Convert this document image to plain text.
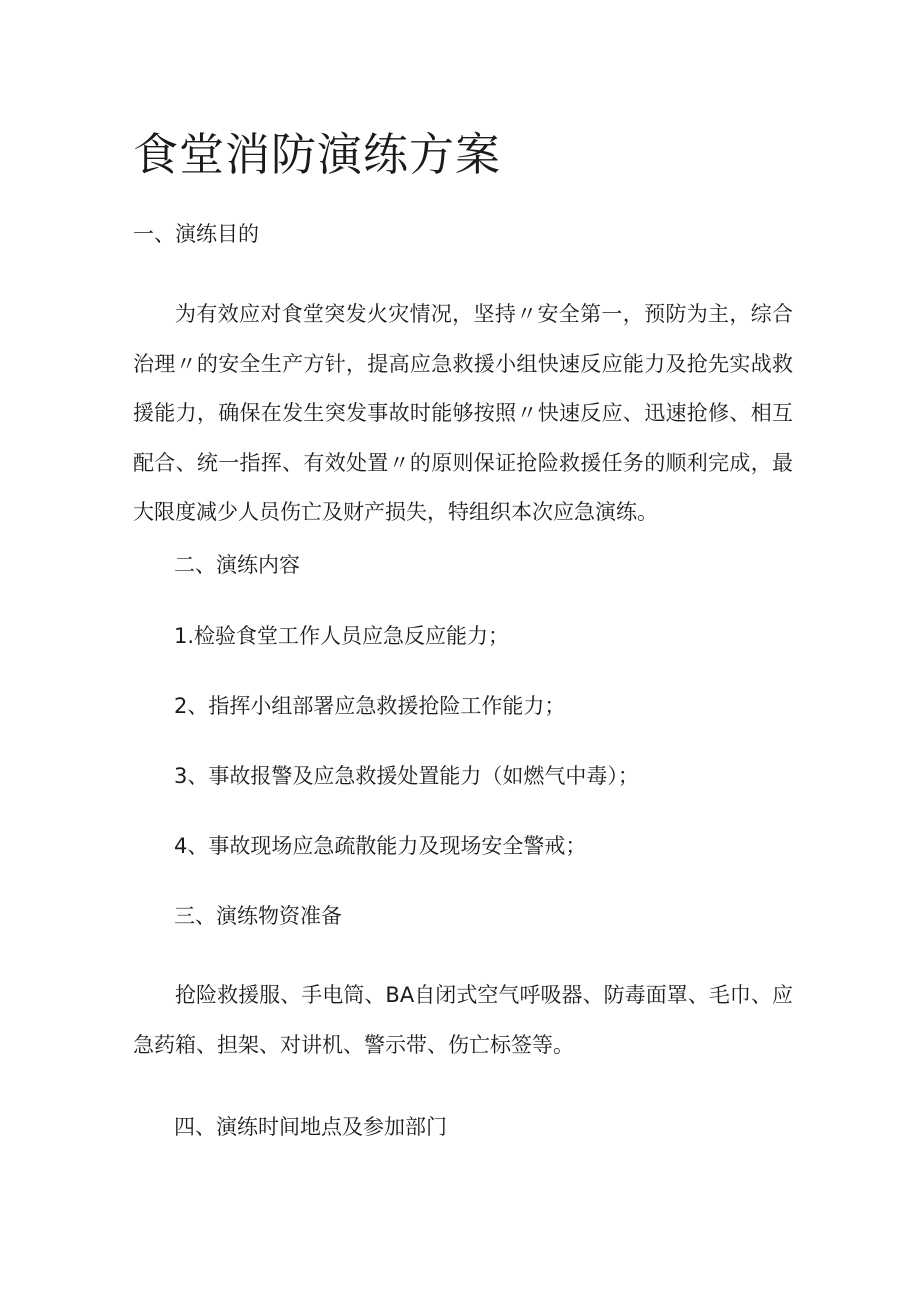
食堂消防演练方案

一、演练目的

为有效应对食堂突发火灾情况，坚持〃安全第一，预防为主，综合治理〃的安全生产方针，提高应急救援小组快速反应能力及抢先实战救援能力，确保在发生突发事故时能够按照〃快速反应、迅速抢修、相互配合、统一指挥、有效处置〃的原则保证抢险救援任务的顺利完成，最大限度减少人员伤亡及财产损失，特组织本次应急演练。

二、演练内容

1.检验食堂工作人员应急反应能力；

2、指挥小组部署应急救援抢险工作能力；

3、事故报警及应急救援处置能力（如燃气中毒）；

4、事故现场应急疏散能力及现场安全警戒；

三、演练物资准备

抢险救援服、手电筒、BA自闭式空气呼吸器、防毒面罩、毛巾、应急药箱、担架、对讲机、警示带、伤亡标签等。

四、演练时间地点及参加部门
